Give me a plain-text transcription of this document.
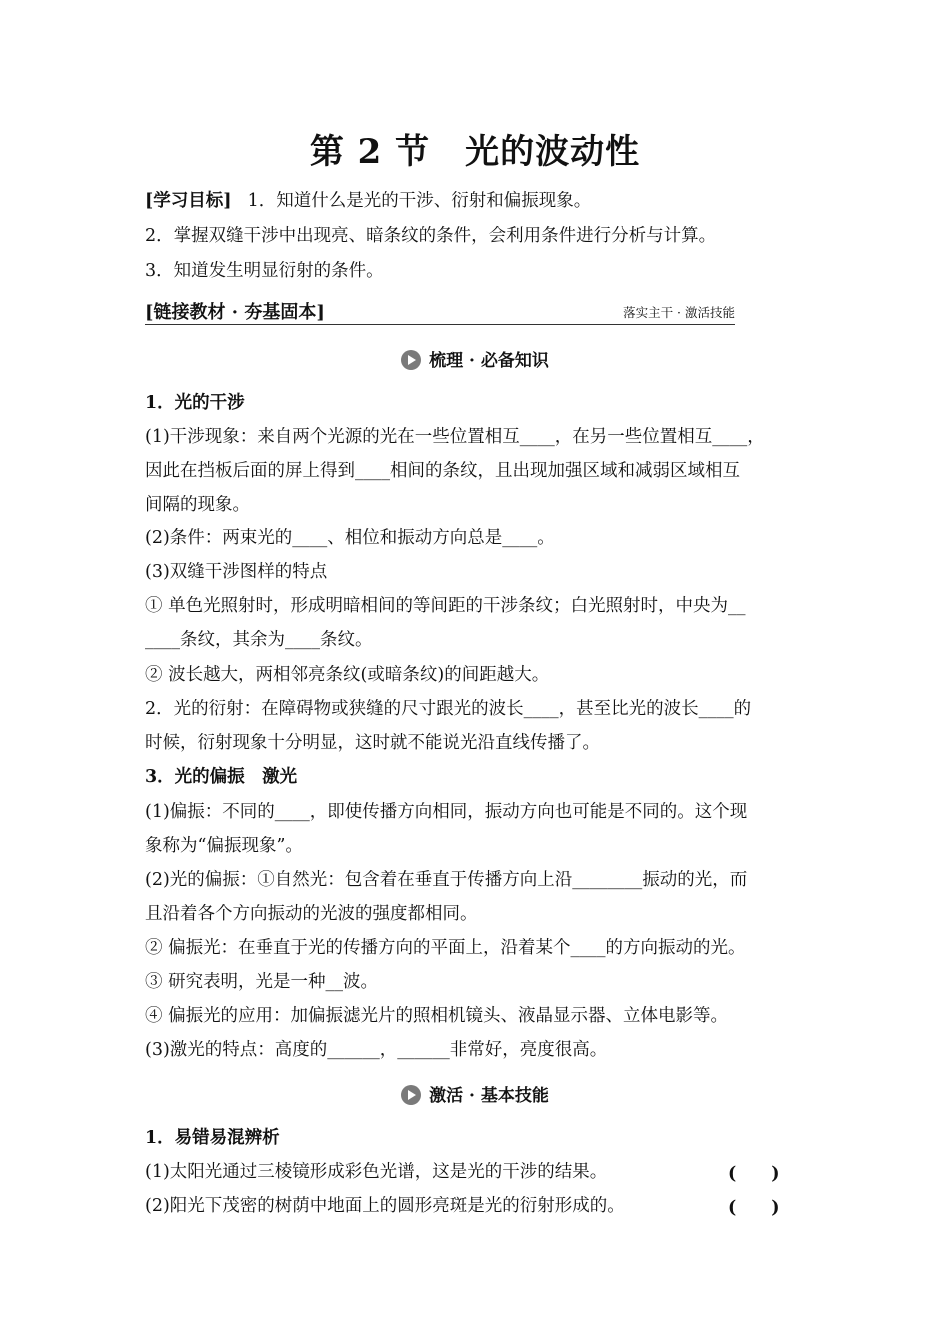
第 2 节　光的波动性
[学习目标] 1．知道什么是光的干涉、衍射和偏振现象。
2．掌握双缝干涉中出现亮、暗条纹的条件，会利用条件进行分析与计算。
3．知道发生明显衍射的条件。
[链接教材 · 夯基固本]	落实主干 · 激活技能
梳理 · 必备知识
1．光的干涉
(1)干涉现象：来自两个光源的光在一些位置相互____，在另一些位置相互____，
因此在挡板后面的屏上得到____相间的条纹，且出现加强区域和减弱区域相互
间隔的现象。
(2)条件：两束光的____、相位和振动方向总是____。
(3)双缝干涉图样的特点
① 单色光照射时，形成明暗相间的等间距的干涉条纹；白光照射时，中央为__
____条纹，其余为____条纹。
② 波长越大，两相邻亮条纹(或暗条纹)的间距越大。
2．光的衍射：在障碍物或狭缝的尺寸跟光的波长____，甚至比光的波长____的
时候，衍射现象十分明显，这时就不能说光沿直线传播了。
3．光的偏振　激光
(1)偏振：不同的____，即使传播方向相同，振动方向也可能是不同的。这个现
象称为“偏振现象”。
(2)光的偏振：①自然光：包含着在垂直于传播方向上沿________振动的光，而
且沿着各个方向振动的光波的强度都相同。
② 偏振光：在垂直于光的传播方向的平面上，沿着某个____的方向振动的光。
③ 研究表明，光是一种__波。
④ 偏振光的应用：加偏振滤光片的照相机镜头、液晶显示器、立体电影等。
(3)激光的特点：高度的______，______非常好，亮度很高。
激活 · 基本技能
1．易错易混辨析
(1)太阳光通过三棱镜形成彩色光谱，这是光的干涉的结果。	(　　)
(2)阳光下茂密的树荫中地面上的圆形亮斑是光的衍射形成的。	(　　)
